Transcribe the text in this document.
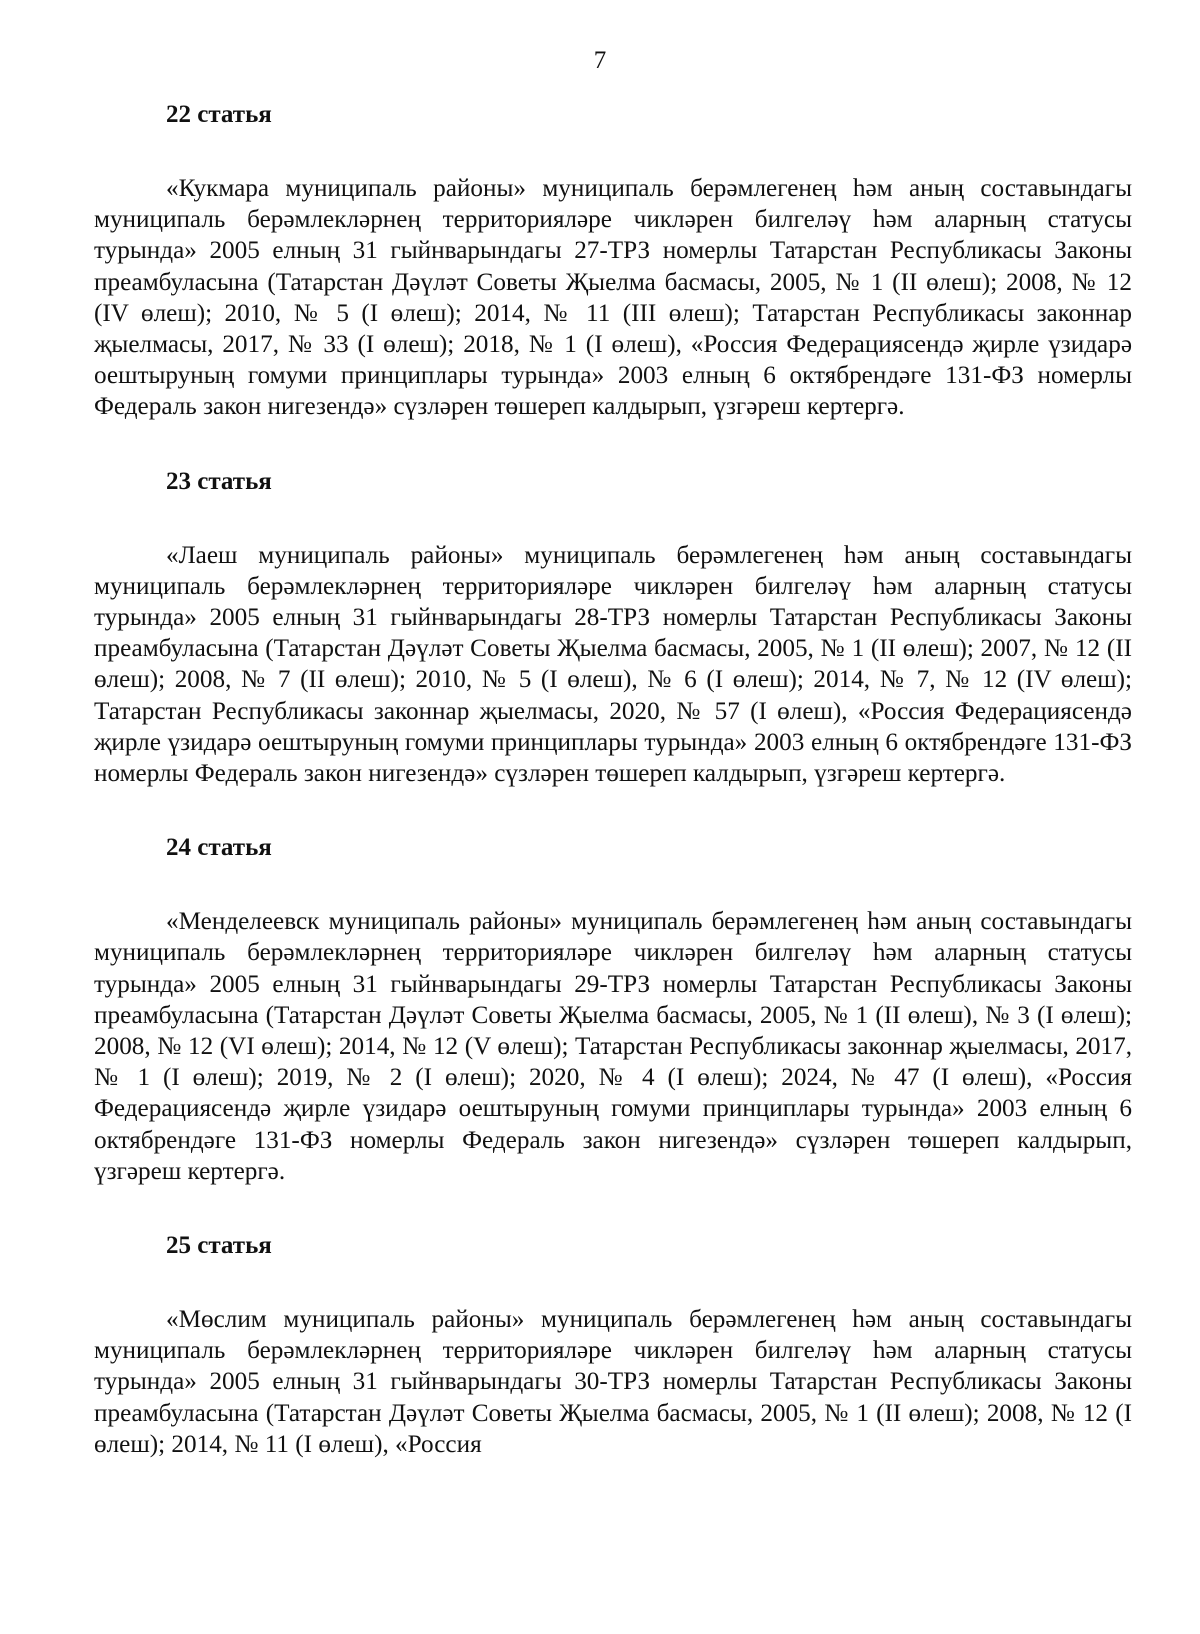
7

22 статья

«Кукмара муниципаль районы» муниципаль берәмлегенең һәм аның составындагы муниципаль берәмлекләрнең территорияләре чикләрен билгеләү һәм аларның статусы турында» 2005 елның 31 гыйнварындагы 27-ТРЗ номерлы Татарстан Республикасы Законы преамбуласына (Татарстан Дәүләт Советы Җыелма басмасы, 2005, № 1 (II өлеш); 2008, № 12 (IV өлеш); 2010, № 5 (I өлеш); 2014, № 11 (III өлеш); Татарстан Республикасы законнар җыелмасы, 2017, № 33 (I өлеш); 2018, № 1 (I өлеш), «Россия Федерациясендә җирле үзидарә оештыруның гомуми принциплары турында» 2003 елның 6 октябрендәге 131-ФЗ номерлы Федераль закон нигезендә» сүзләрен төшереп калдырып, үзгәреш кертергә.

23 статья

«Лаеш муниципаль районы» муниципаль берәмлегенең һәм аның составындагы муниципаль берәмлекләрнең территорияләре чикләрен билгеләү һәм аларның статусы турында» 2005 елның 31 гыйнварындагы 28-ТРЗ номерлы Татарстан Республикасы Законы преамбуласына (Татарстан Дәүләт Советы Җыелма басмасы, 2005, № 1 (II өлеш); 2007, № 12 (II өлеш); 2008, № 7 (II өлеш); 2010, № 5 (I өлеш), № 6 (I өлеш); 2014, № 7, № 12 (IV өлеш); Татарстан Республикасы законнар җыелмасы, 2020, № 57 (I өлеш), «Россия Федерациясендә җирле үзидарә оештыруның гомуми принциплары турында» 2003 елның 6 октябрендәге 131-ФЗ номерлы Федераль закон нигезендә» сүзләрен төшереп калдырып, үзгәреш кертергә.

24 статья

«Менделеевск муниципаль районы» муниципаль берәмлегенең һәм аның составындагы муниципаль берәмлекләрнең территорияләре чикләрен билгеләү һәм аларның статусы турында» 2005 елның 31 гыйнварындагы 29-ТРЗ номерлы Татарстан Республикасы Законы преамбуласына (Татарстан Дәүләт Советы Җыелма басмасы, 2005, № 1 (II өлеш), № 3 (I өлеш); 2008, № 12 (VI өлеш); 2014, № 12 (V өлеш); Татарстан Республикасы законнар җыелмасы, 2017, № 1 (I өлеш); 2019, № 2 (I өлеш); 2020, № 4 (I өлеш); 2024, № 47 (I өлеш), «Россия Федерациясендә җирле үзидарә оештыруның гомуми принциплары турында» 2003 елның 6 октябрендәге 131-ФЗ номерлы Федераль закон нигезендә» сүзләрен төшереп калдырып, үзгәреш кертергә.

25 статья

«Мөслим муниципаль районы» муниципаль берәмлегенең һәм аның составындагы муниципаль берәмлекләрнең территорияләре чикләрен билгеләү һәм аларның статусы турында» 2005 елның 31 гыйнварындагы 30-ТРЗ номерлы Татарстан Республикасы Законы преамбуласына (Татарстан Дәүләт Советы Җыелма басмасы, 2005, № 1 (II өлеш); 2008, № 12 (I өлеш); 2014, № 11 (I өлеш), «Россия
